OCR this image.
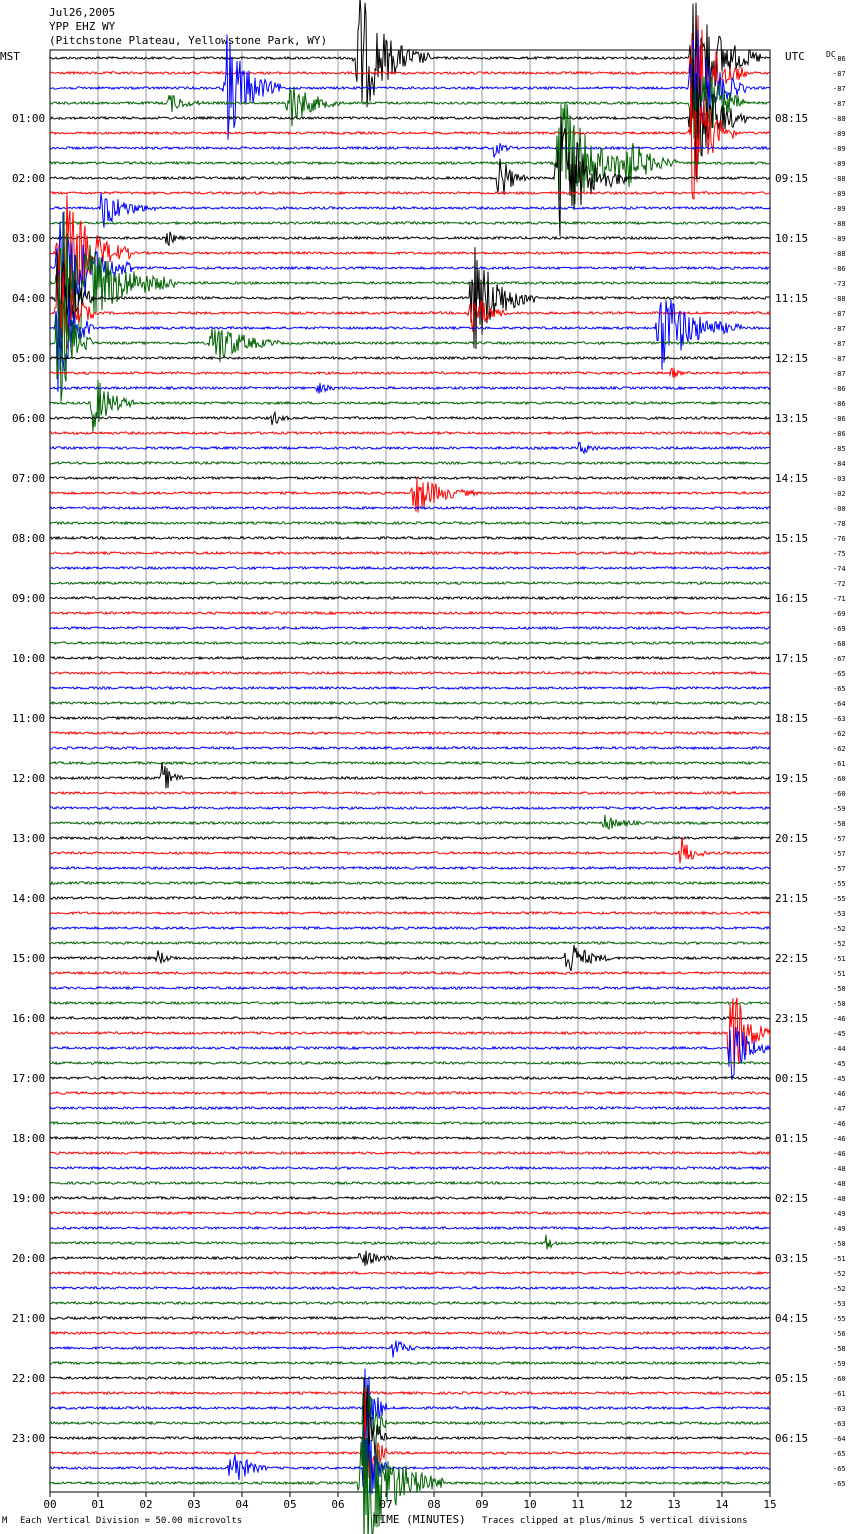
Jul26,2005
YPP EHZ WY
(Pitchstone Plateau, Yellowstone Park, WY)
MST	UTC	DC
00	01	02	03	04	05	06	07	08	09	10	11	12	13	14	15
01:00
02:00
03:00
04:00
05:00
06:00
07:00
08:00
09:00
10:00
11:00
12:00
13:00
14:00
15:00
16:00
17:00
18:00
19:00
20:00
21:00
22:00
23:00
08:15
09:15
10:15
11:15
12:15
13:15
14:15
15:15
16:15
17:15
18:15
19:15
20:15
21:15
22:15
23:15
00:15
01:15
02:15
03:15
04:15
05:15
06:15
-86
-87
-87
-87
-88
-89
-89
-89
-88
-89
-89
-88
-89
-88
-86
-73
-88
-87
-87
-87
-87
-87
-86
-86
-86
-86
-85
-84
-03
-02
-00
-78
-76
-75
-74
-72
-71
-69
-69
-68
-67
-65
-65
-64
-63
-62
-62
-61
-60
-60
-59
-58
-57
-57
-57
-55
-55
-53
-52
-52
-51
-51
-50
-50
-46
-45
-44
-45
-45
-46
-47
-46
-46
-46
-48
-48
-48
-49
-49
-50
-51
-52
-52
-53
-55
-56
-58
-59
-60
-61
-63
-63
-64
-65
-65
-65
M Each Vertical Division = 50.00 microvolts	TIME (MINUTES) Traces clipped at plus/minus 5 vertical divisions
